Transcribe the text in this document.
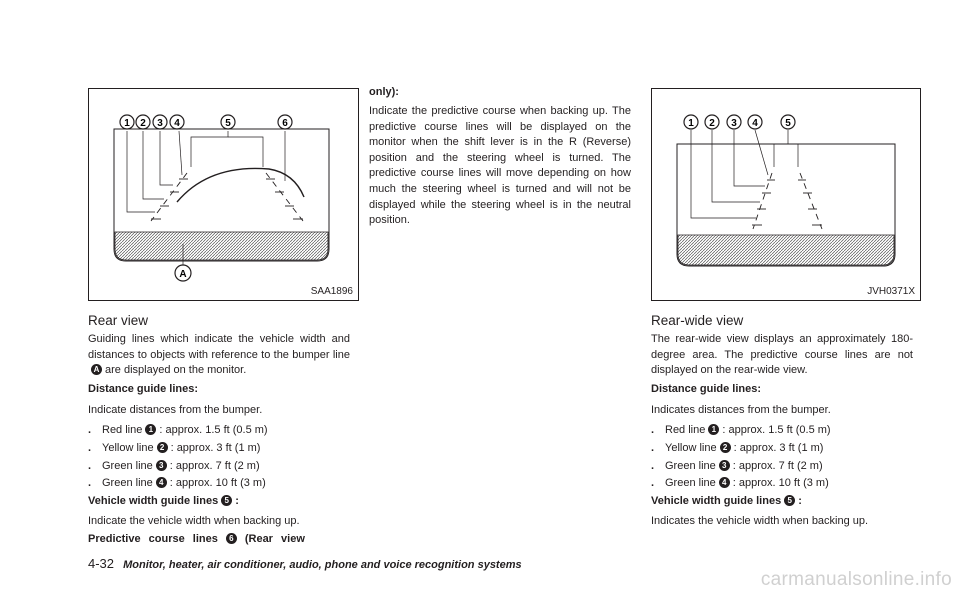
1 2 3 4	5	6
A
SAA1896
Rear view

Guiding lines which indicate the vehicle width and distances to objects with reference to the bumper lineA are displayed on the monitor.

Distance guide lines:
Indicate distances from the bumper.
. Red line 1 : approx. 1.5 ft (0.5 m)
. Yellow line 2 : approx. 3 ft (1 m)
. Green line 3 : approx. 7 ft (2 m)
. Green line 4 : approx. 10 ft (3 m)
Vehicle width guide lines 5 :
Indicate the vehicle width when backing up.
Predictive course lines 6 (Rear view
only):

Indicate the predictive course when backing up. The predictive course lines will be displayed on the monitor when the shift lever is in the R (Reverse) position and the steering wheel is turned. The predictive course lines will move depending on how much the steering wheel is turned and will not be displayed while the steering wheel is in the neutral position.

1 2 3 4	5
JVH0371X
Rear-wide view

The rear-wide view displays an approximately 180-degree area. The predictive course lines are not displayed on the rear-wide view.

Distance guide lines:
Indicates distances from the bumper.
. Red line 1 : approx. 1.5 ft (0.5 m)
. Yellow line 2 : approx. 3 ft (1 m)
. Green line 3 : approx. 7 ft (2 m)
. Green line 4 : approx. 10 ft (3 m)
Vehicle width guide lines 5 :
Indicates the vehicle width when backing up.
4-32 Monitor, heater, air conditioner, audio, phone and voice recognition systems
carmanualsonline.info
